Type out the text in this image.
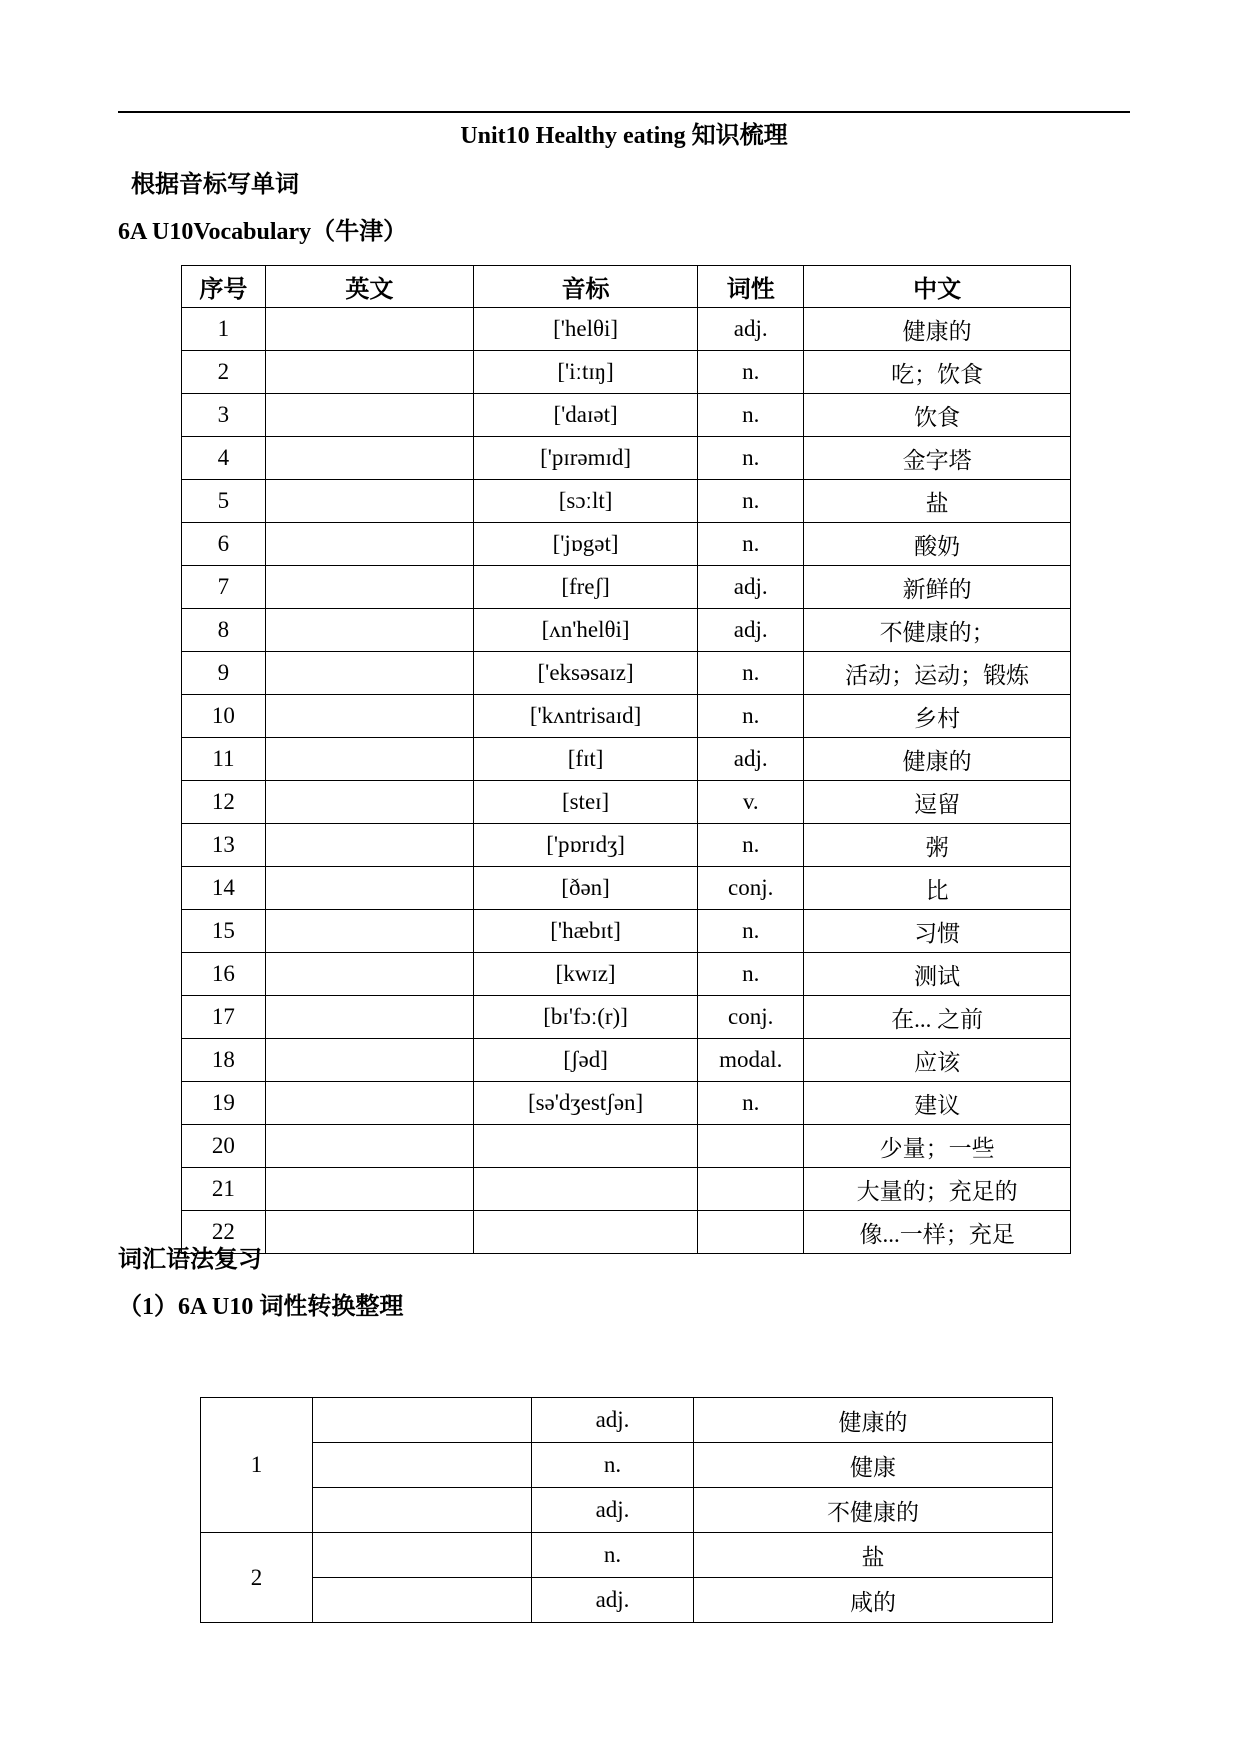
Unit10 Healthy eating 知识梳理
根据音标写单词
6A U10Vocabulary（牛津）
序号	英文	音标	词性	中文
1		['helθi]	adj.	健康的
2		['iːtɪŋ]	n.	吃；饮食
3		['daɪət]	n.	饮食
4		['pɪrəmɪd]	n.	金字塔
5		[sɔːlt]	n.	盐
6		['jɒgət]	n.	酸奶
7		[freʃ]	adj.	新鲜的
8		[ʌn'helθi]	adj.	不健康的；
9		['eksəsaɪz]	n.	活动；运动；锻炼
10		['kʌntrisaɪd]	n.	乡村
11		[fɪt]	adj.	健康的
12		[steɪ]	v.	逗留
13		['pɒrɪdʒ]	n.	粥
14		[ðən]	conj.	比
15		['hæbɪt]	n.	习惯
16		[kwɪz]	n.	测试
17		[bɪ'fɔː(r)]	conj.	在... 之前
18		[ʃəd]	modal.	应该
19		[sə'dʒestʃən]	n.	建议
20				少量；一些
21				大量的；充足的
22				像...一样；充足
词汇语法复习
（1）6A U10 词性转换整理
1		adj.	健康的
		n.	健康
		adj.	不健康的
2		n.	盐
		adj.	咸的
